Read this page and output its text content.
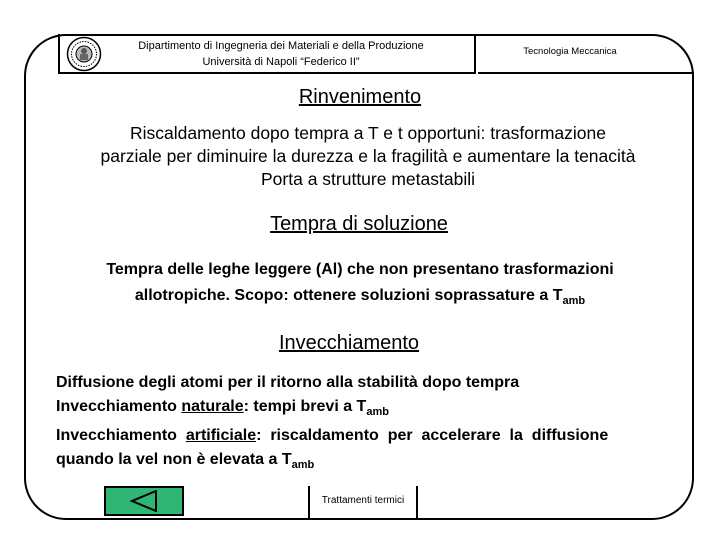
Dipartimento di Ingegneria dei Materiali e della Produzione
Università di Napoli “Federico II”
Tecnologia Meccanica
Rinvenimento
Riscaldamento dopo tempra a T e t opportuni: trasformazione
parziale per diminuire la durezza e la fragilità e aumentare la tenacità
Porta a strutture metastabili
Tempra di soluzione
Tempra delle leghe leggere (Al) che non presentano trasformazioni
allotropiche. Scopo: ottenere soluzioni soprassature a $T_{amb}$
Invecchiamento
Diffusione degli atomi per il ritorno alla stabilità dopo tempra
Invecchiamento naturale: tempi brevi a $T_{amb}$
Invecchiamento  artificiale:  riscaldamento  per  accelerare  la  diffusione
quando la vel non è elevata a $T_{amb}$
Trattamenti termici
